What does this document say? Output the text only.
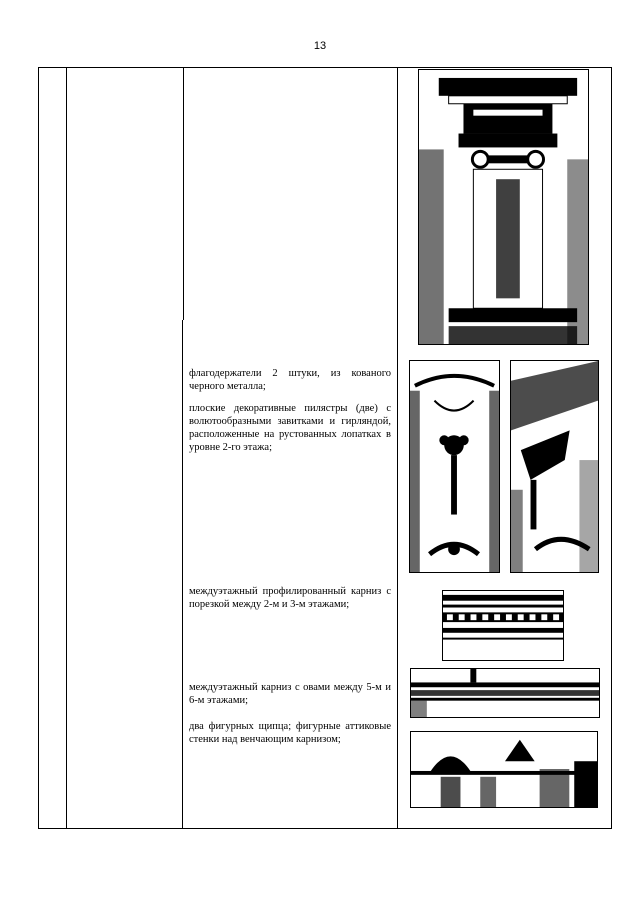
13

флагодержатели 2 штуки, из кованого черного металла;

плоские декоративные пилястры (две) с волютообразными завитками и гирляндой, расположенные на рустованных лопатках в уровне 2-го этажа;

междуэтажный профилированный карниз с порезкой между 2-м и 3-м этажами;

междуэтажный карниз с овами между 5-м и 6-м этажами;

два фигурных щипца; фигурные аттиковые стенки над венчающим карнизом;
